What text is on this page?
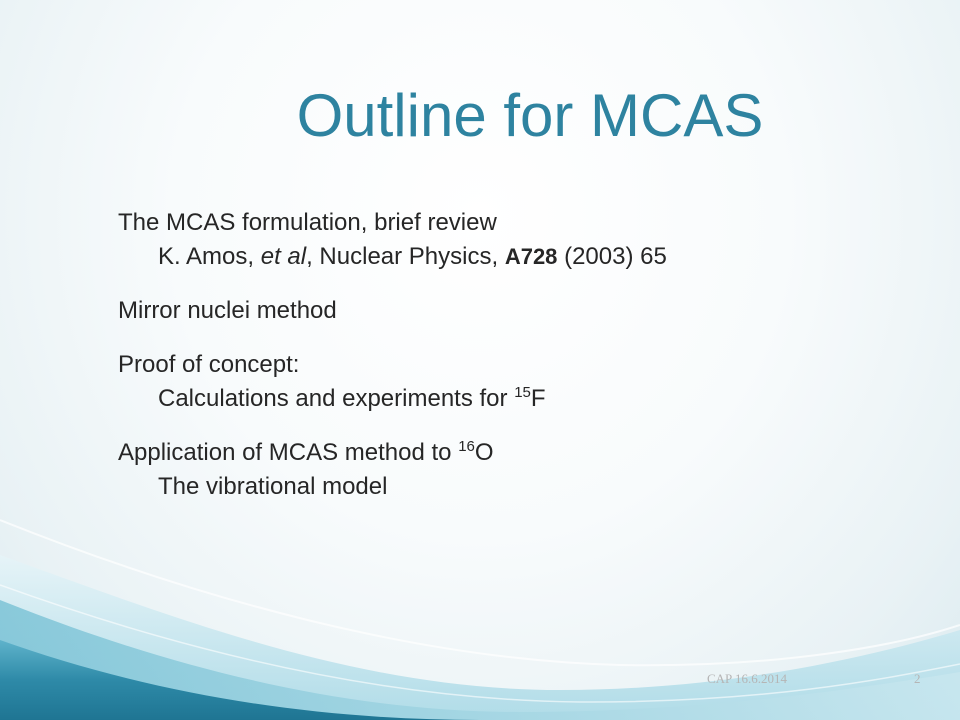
Outline for MCAS
The MCAS formulation, brief review
K. Amos, et al, Nuclear Physics, A728 (2003) 65
Mirror nuclei method
Proof of concept:
Calculations and experiments for $^{15}$F
Application of MCAS method to $^{16}$O
The vibrational model
CAP 16.6.2014	2
